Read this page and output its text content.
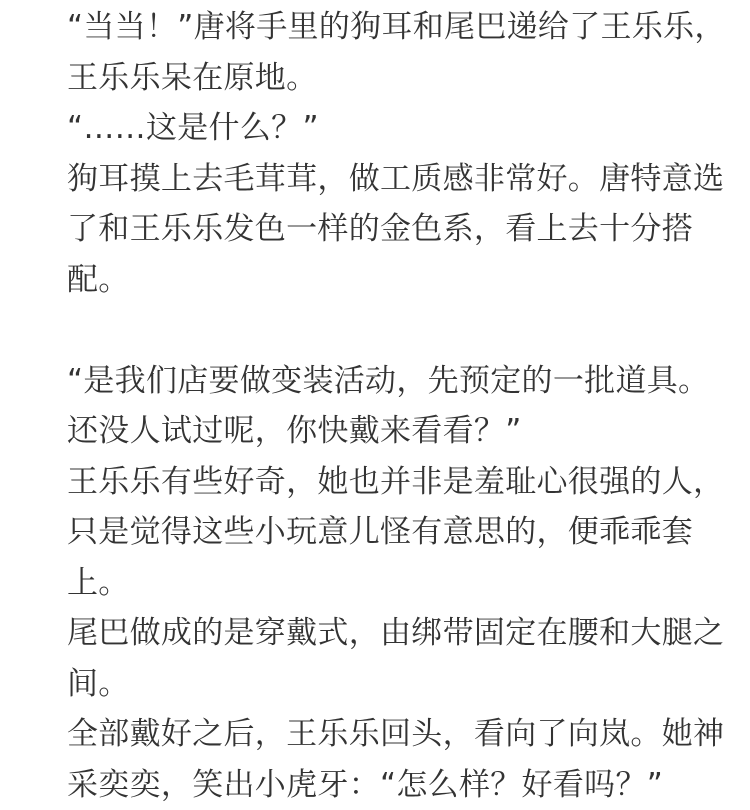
“当当！”唐将手里的狗耳和尾巴递给了王乐乐，
王乐乐呆在原地。
“……这是什么？”
狗耳摸上去毛茸茸，做工质感非常好。唐特意选
了和王乐乐发色一样的金色系，看上去十分搭
配。
“是我们店要做变装活动，先预定的一批道具。
还没人试过呢，你快戴来看看？”
王乐乐有些好奇，她也并非是羞耻心很强的人，
只是觉得这些小玩意儿怪有意思的，便乖乖套
上。
尾巴做成的是穿戴式，由绑带固定在腰和大腿之
间。
全部戴好之后，王乐乐回头，看向了向岚。她神
采奕奕，笑出小虎牙：“怎么样？好看吗？”
